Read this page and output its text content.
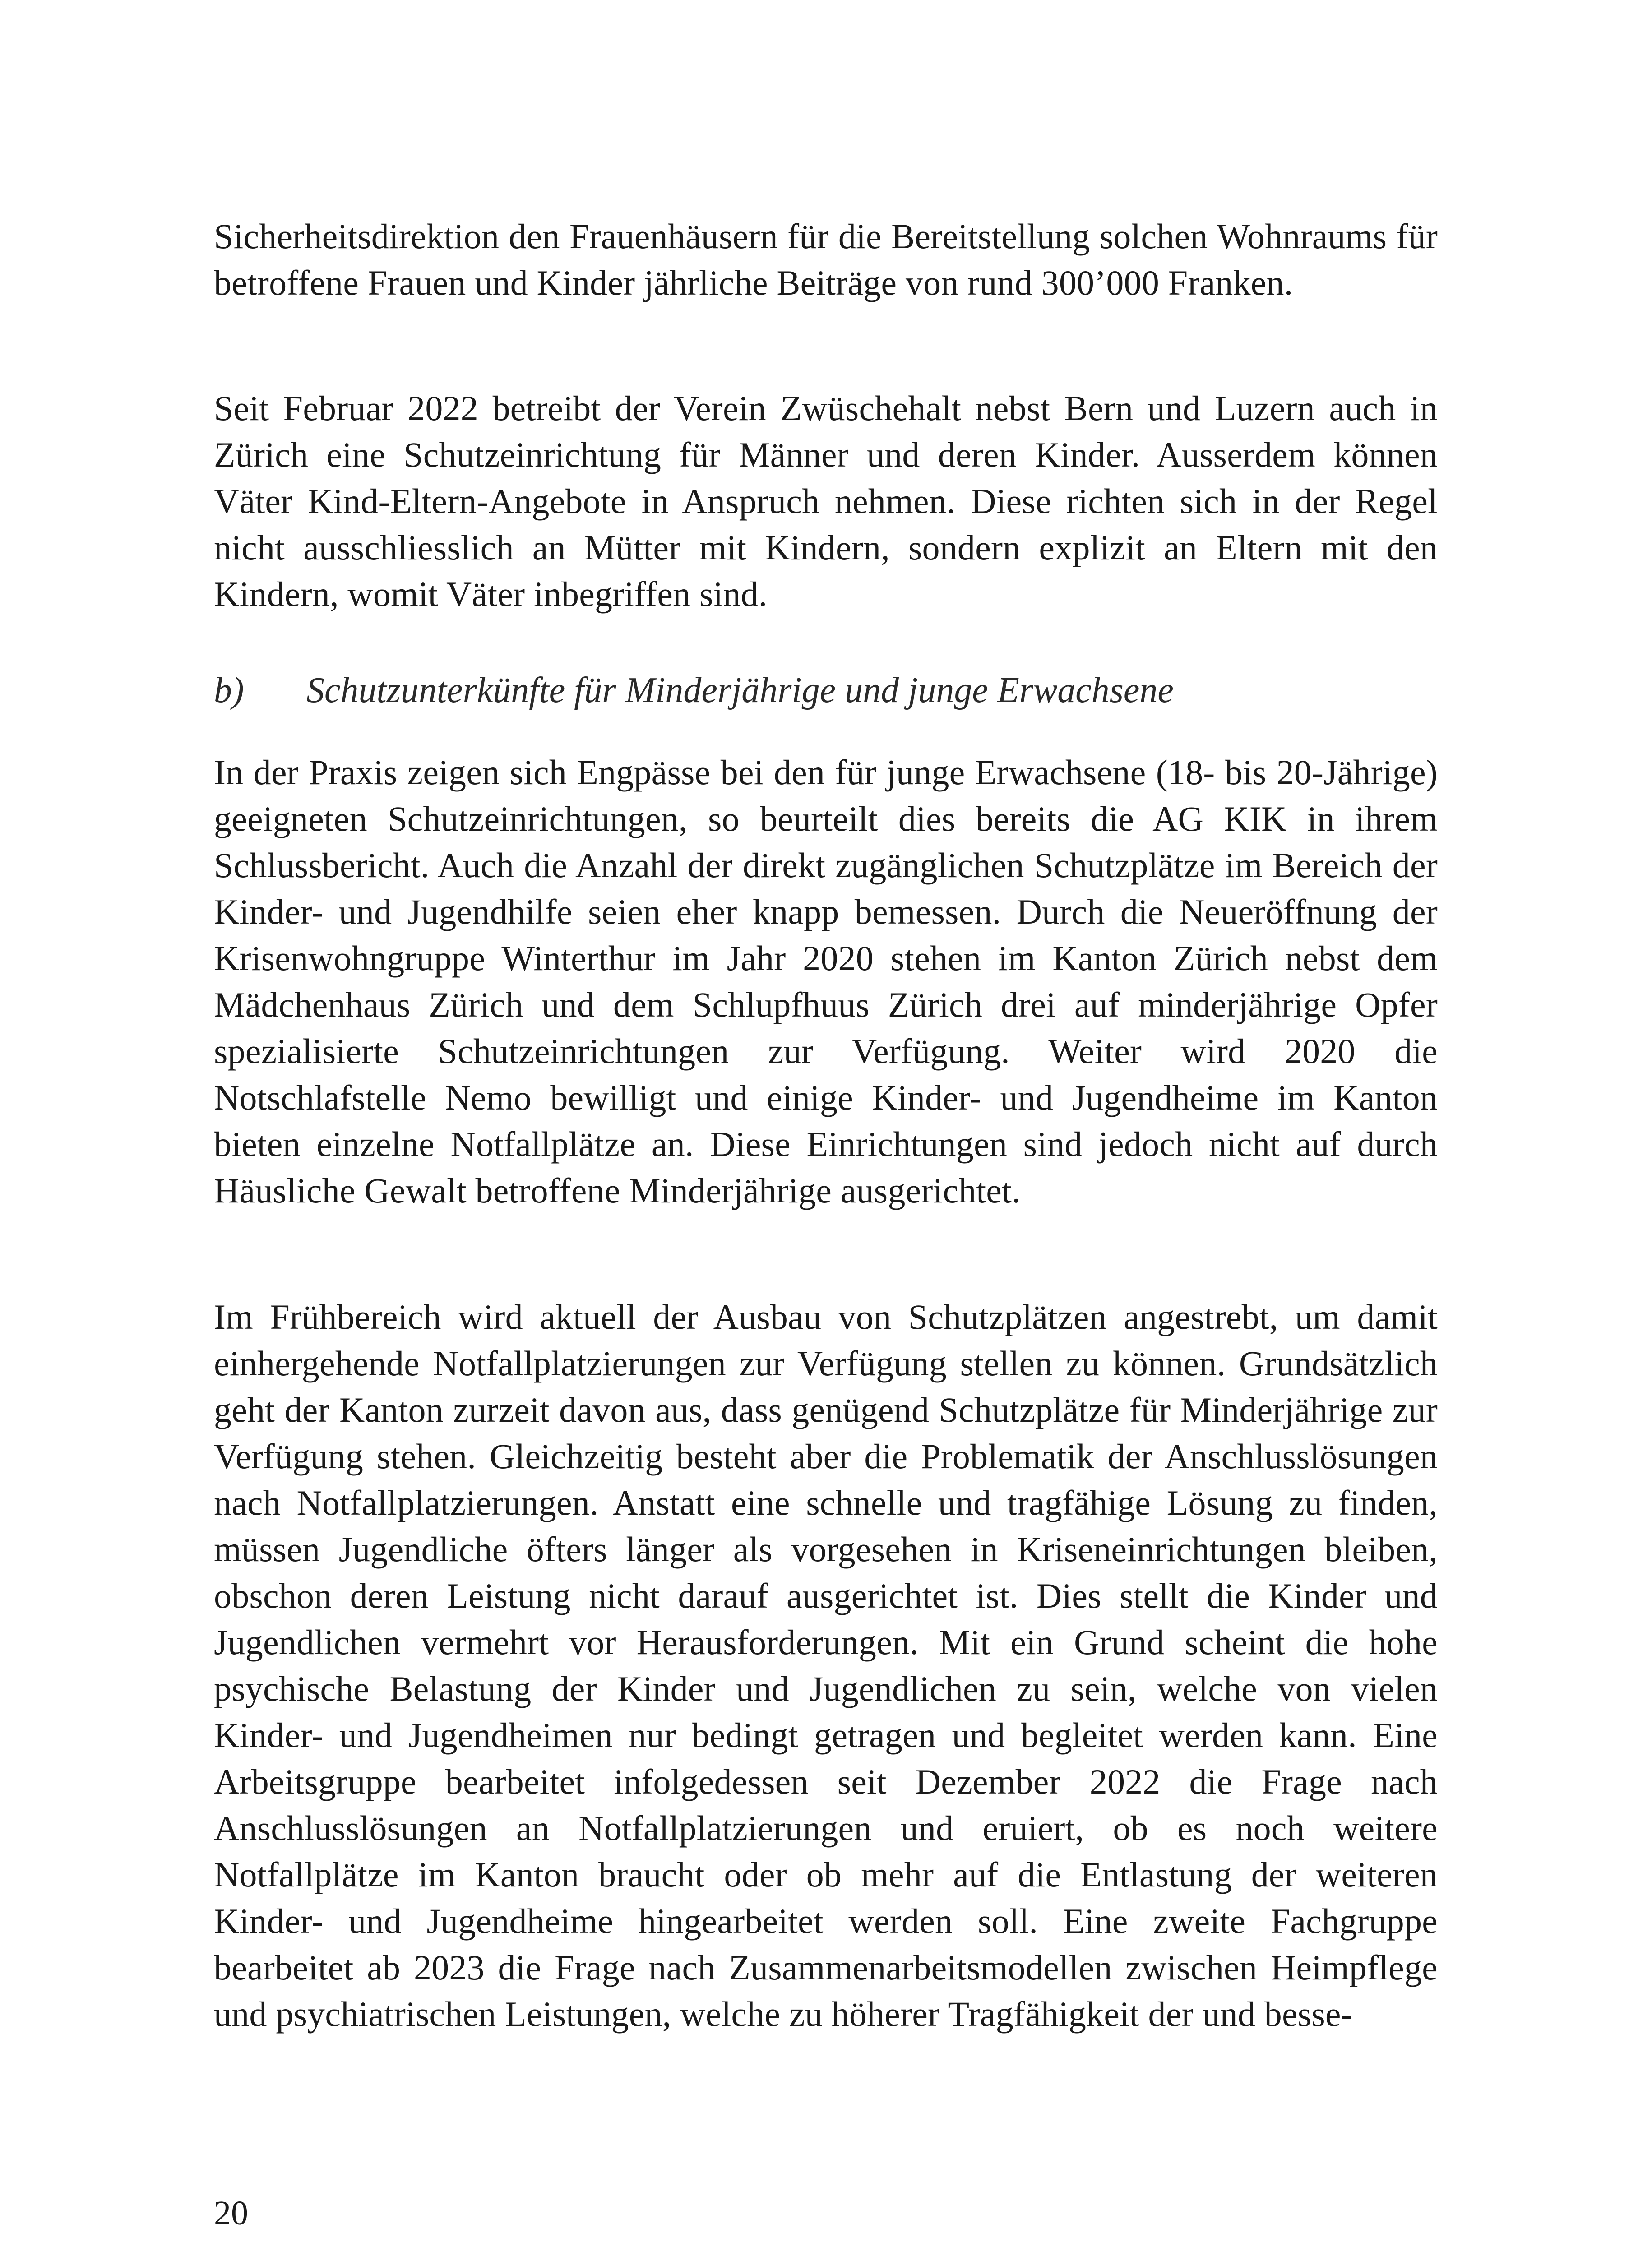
Sicherheitsdirektion den Frauenhäusern für die Bereitstellung solchen Wohnraums für betroffene Frauen und Kinder jährliche Beiträge von rund 300’000 Franken.

Seit Februar 2022 betreibt der Verein Zwüschehalt nebst Bern und Luzern auch in Zürich eine Schutzeinrichtung für Männer und deren Kinder. Ausserdem können Väter Kind-Eltern-Angebote in Anspruch nehmen. Diese richten sich in der Regel nicht ausschliesslich an Mütter mit Kindern, sondern explizit an Eltern mit den Kindern, womit Väter inbegriffen sind.

b) Schutzunterkünfte für Minderjährige und junge Erwachsene

In der Praxis zeigen sich Engpässe bei den für junge Erwachsene (18- bis 20-Jährige) geeigneten Schutzeinrichtungen, so beurteilt dies bereits die AG KIK in ihrem Schlussbericht. Auch die Anzahl der direkt zugänglichen Schutzplätze im Bereich der Kinder- und Jugendhilfe seien eher knapp bemessen. Durch die Neueröffnung der Krisenwohngruppe Winterthur im Jahr 2020 stehen im Kanton Zürich nebst dem Mädchenhaus Zürich und dem Schlupfhuus Zürich drei auf minderjährige Opfer spezialisierte Schutzeinrichtungen zur Verfügung. Weiter wird 2020 die Notschlafstelle Nemo bewilligt und einige Kinder- und Jugendheime im Kanton bieten einzelne Notfallplätze an. Diese Einrichtungen sind jedoch nicht auf durch Häusliche Gewalt betroffene Minderjährige ausgerichtet.

Im Frühbereich wird aktuell der Ausbau von Schutzplätzen angestrebt, um damit einhergehende Notfallplatzierungen zur Verfügung stellen zu können. Grundsätzlich geht der Kanton zurzeit davon aus, dass genügend Schutzplätze für Minderjährige zur Verfügung stehen. Gleichzeitig besteht aber die Problematik der Anschlusslösungen nach Notfallplatzierungen. Anstatt eine schnelle und tragfähige Lösung zu finden, müssen Jugendliche öfters länger als vorgesehen in Kriseneinrichtungen bleiben, obschon deren Leistung nicht darauf ausgerichtet ist. Dies stellt die Kinder und Jugendlichen vermehrt vor Herausforderungen. Mit ein Grund scheint die hohe psychische Belastung der Kinder und Jugendlichen zu sein, welche von vielen Kinder- und Jugendheimen nur bedingt getragen und begleitet werden kann. Eine Arbeitsgruppe bearbeitet infolgedessen seit Dezember 2022 die Frage nach Anschlusslösungen an Notfallplatzierungen und eruiert, ob es noch weitere Notfallplätze im Kanton braucht oder ob mehr auf die Entlastung der weiteren Kinder- und Jugendheime hingearbeitet werden soll. Eine zweite Fachgruppe bearbeitet ab 2023 die Frage nach Zusammenarbeitsmodellen zwischen Heimpflege und psychiatrischen Leistungen, welche zu höherer Tragfähigkeit der und besse-

20
